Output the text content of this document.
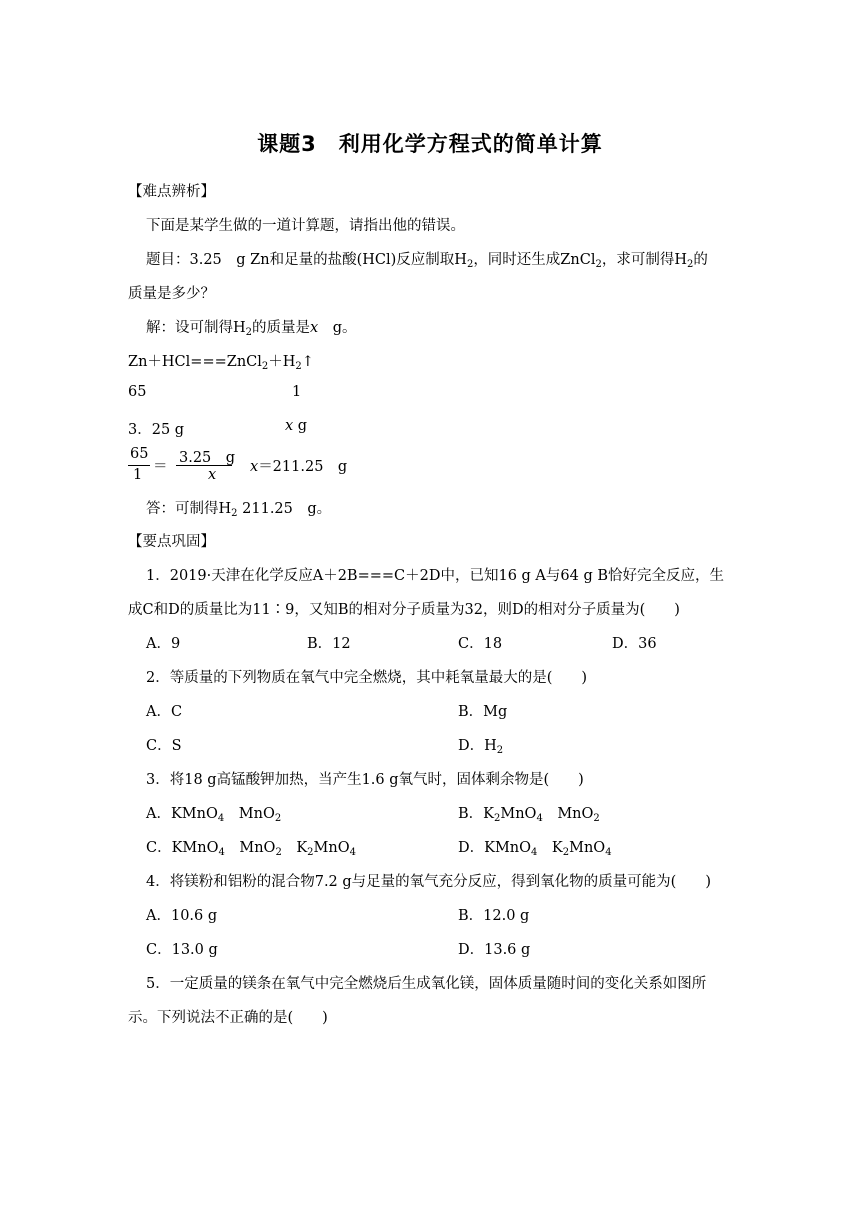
课题3　利用化学方程式的简单计算
【难点辨析】
下面是某学生做的一道计算题，请指出他的错误。
题目：3.25　g Zn和足量的盐酸(HCl)反应制取$H_2$，同时还生成ZnCl$_2$，求可制得$H_2$的
质量是多少？
解：设可制得$H_2$的质量是x　g。
$Zn+HCl===ZnCl_2+H_2↑$
65	1
3．25 g	x g
65
1 ＝
3.25　g
x x＝211.25　g
答：可制得$H_2$ 211.25　g。
【要点巩固】
1．2019·天津在化学反应A＋2B===C＋2D中，已知16 g A与64 g B恰好完全反应，生
成C和D的质量比为11∶9，又知B的相对分子质量为32，则D的相对分子质量为(　　)
A．9	B．12	C．18	D．36
2．等质量的下列物质在氧气中完全燃烧，其中耗氧量最大的是(　　)
A．C	B．Mg
C．S	D．$H_2$
3．将18 g高锰酸钾加热，当产生1.6 g氧气时，固体剩余物是(　　)
A．KMnO$_4$　MnO$_2$	B．$K_2MnO_4$　MnO$_2$
C．KMnO$_4$　MnO$_2$　$K_2MnO_4$	D．KMnO$_4$　$K_2MnO_4$
4．将镁粉和铝粉的混合物7.2 g与足量的氧气充分反应，得到氧化物的质量可能为(　　)
A．10.6 g	B．12.0 g
C．13.0 g	D．13.6 g
5．一定质量的镁条在氧气中完全燃烧后生成氧化镁，固体质量随时间的变化关系如图所
示。下列说法不正确的是(　　)
